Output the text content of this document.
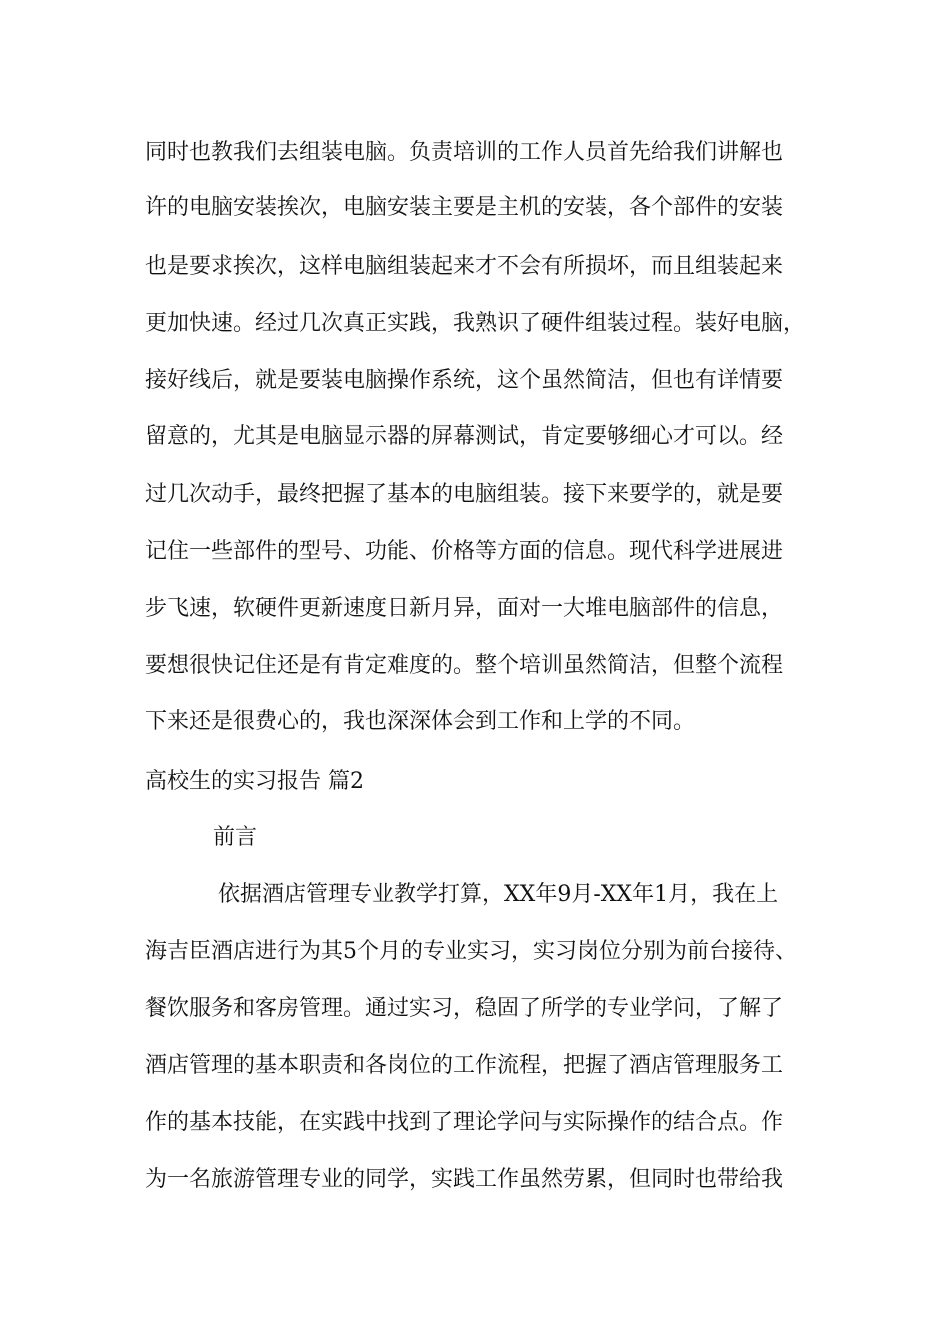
同时也教我们去组装电脑。负责培训的工作人员首先给我们讲解也
许的电脑安装挨次，电脑安装主要是主机的安装，各个部件的安装
也是要求挨次，这样电脑组装起来才不会有所损坏，而且组装起来
更加快速。经过几次真正实践，我熟识了硬件组装过程。装好电脑，
接好线后，就是要装电脑操作系统，这个虽然简洁，但也有详情要
留意的，尤其是电脑显示器的屏幕测试，肯定要够细心才可以。经
过几次动手，最终把握了基本的电脑组装。接下来要学的，就是要
记住一些部件的型号、功能、价格等方面的信息。现代科学进展进
步飞速，软硬件更新速度日新月异，面对一大堆电脑部件的信息，
要想很快记住还是有肯定难度的。整个培训虽然简洁，但整个流程
下来还是很费心的，我也深深体会到工作和上学的不同。
高校生的实习报告 篇2
前言
依据酒店管理专业教学打算，XX年9月-XX年1月，我在上
海吉臣酒店进行为其5个月的专业实习，实习岗位分别为前台接待、
餐饮服务和客房管理。通过实习，稳固了所学的专业学问，了解了
酒店管理的基本职责和各岗位的工作流程，把握了酒店管理服务工
作的基本技能，在实践中找到了理论学问与实际操作的结合点。作
为一名旅游管理专业的同学，实践工作虽然劳累，但同时也带给我
